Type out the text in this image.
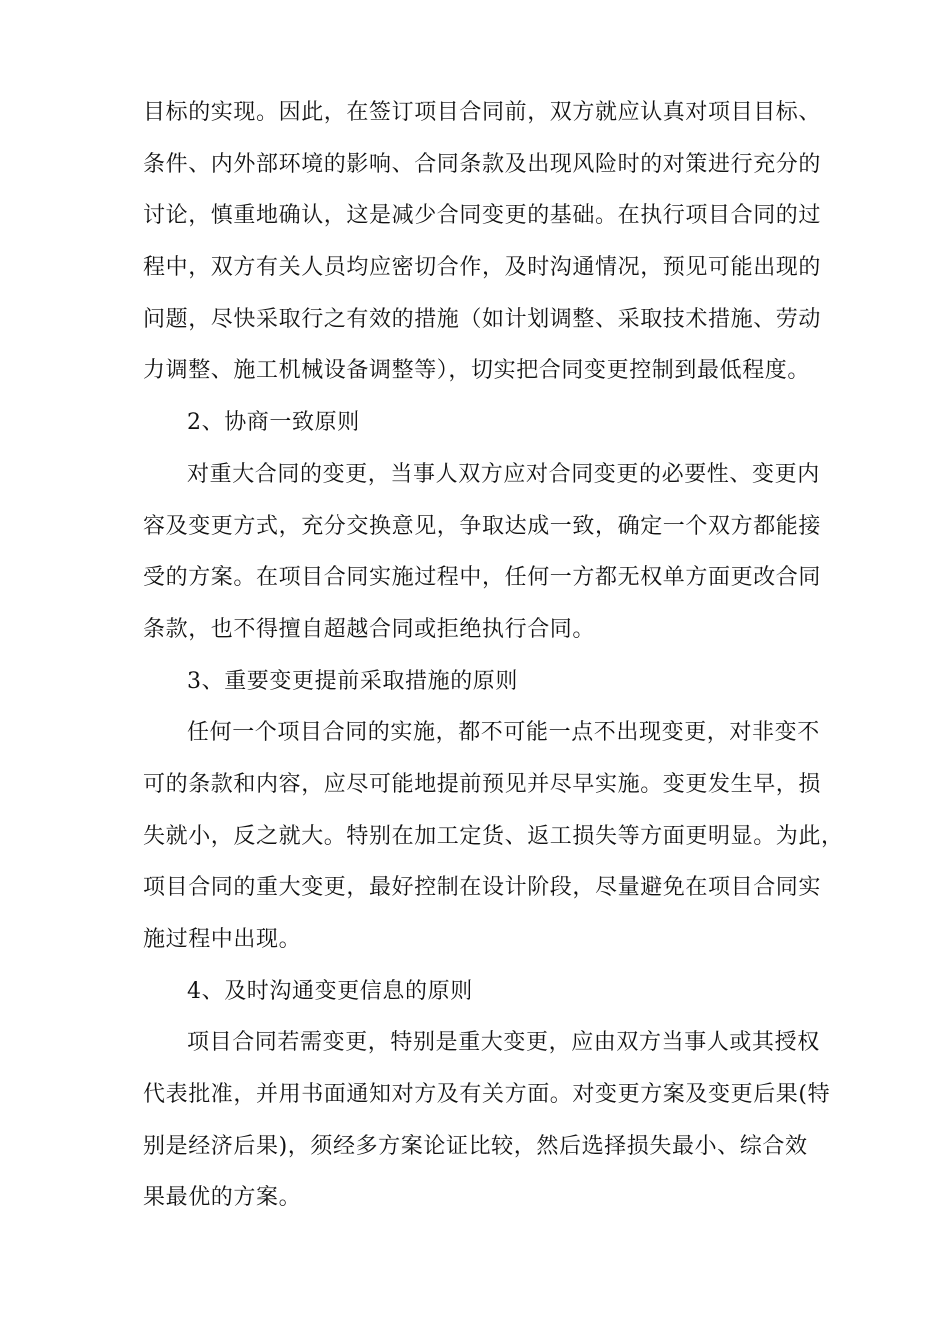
目标的实现。因此，在签订项目合同前，双方就应认真对项目目标、
条件、内外部环境的影响、合同条款及出现风险时的对策进行充分的
讨论，慎重地确认，这是减少合同变更的基础。在执行项目合同的过
程中，双方有关人员均应密切合作，及时沟通情况，预见可能出现的
问题，尽快采取行之有效的措施（如计划调整、采取技术措施、劳动
力调整、施工机械设备调整等），切实把合同变更控制到最低程度。
2、协商一致原则
对重大合同的变更，当事人双方应对合同变更的必要性、变更内
容及变更方式，充分交换意见，争取达成一致，确定一个双方都能接
受的方案。在项目合同实施过程中，任何一方都无权单方面更改合同
条款，也不得擅自超越合同或拒绝执行合同。
3、重要变更提前采取措施的原则
任何一个项目合同的实施，都不可能一点不出现变更，对非变不
可的条款和内容，应尽可能地提前预见并尽早实施。变更发生早，损
失就小，反之就大。特别在加工定货、返工损失等方面更明显。为此，
项目合同的重大变更，最好控制在设计阶段，尽量避免在项目合同实
施过程中出现。
4、及时沟通变更信息的原则
项目合同若需变更，特别是重大变更，应由双方当事人或其授权
代表批准，并用书面通知对方及有关方面。对变更方案及变更后果(特
别是经济后果)，须经多方案论证比较，然后选择损失最小、综合效
果最优的方案。
